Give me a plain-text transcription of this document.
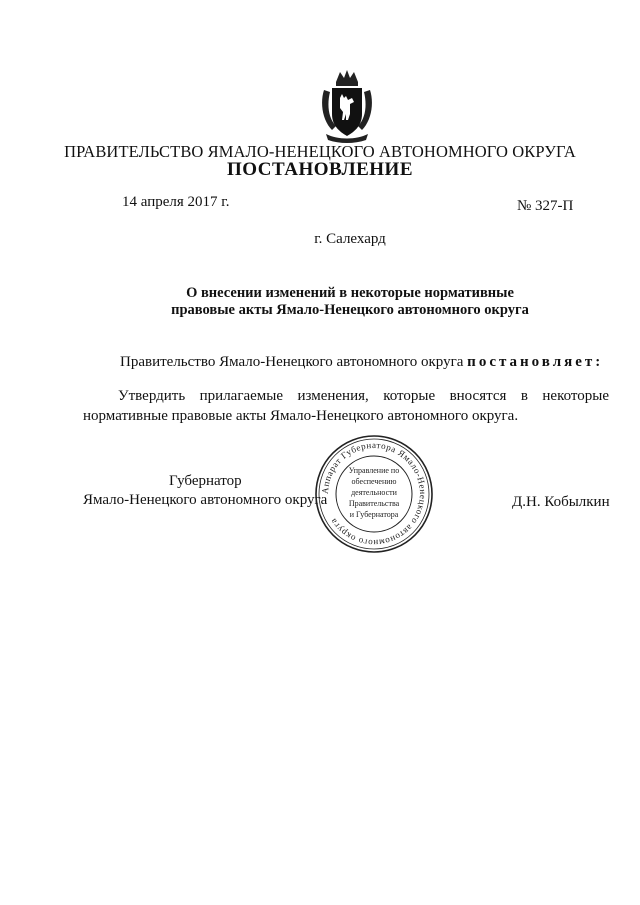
ПРАВИТЕЛЬСТВО ЯМАЛО-НЕНЕЦКОГО АВТОНОМНОГО ОКРУГА
ПОСТАНОВЛЕНИЕ
14 апреля 2017 г.	№ 327-П
г. Салехард
О внесении изменений в некоторые нормативные
правовые акты Ямало-Ненецкого автономного округа
Правительство Ямало-Ненецкого автономного округа постановляет:
Утвердить прилагаемые изменения, которые вносятся в некоторые
нормативные правовые акты Ямало-Ненецкого автономного округа.
Губернатор
Ямало-Ненецкого автономного округа	Д.Н. Кобылкин
Аппарат Губернатора Ямало-Ненецкого автономного округа
Управление по
обеспечению
деятельности
Правительства
и Губернатора
